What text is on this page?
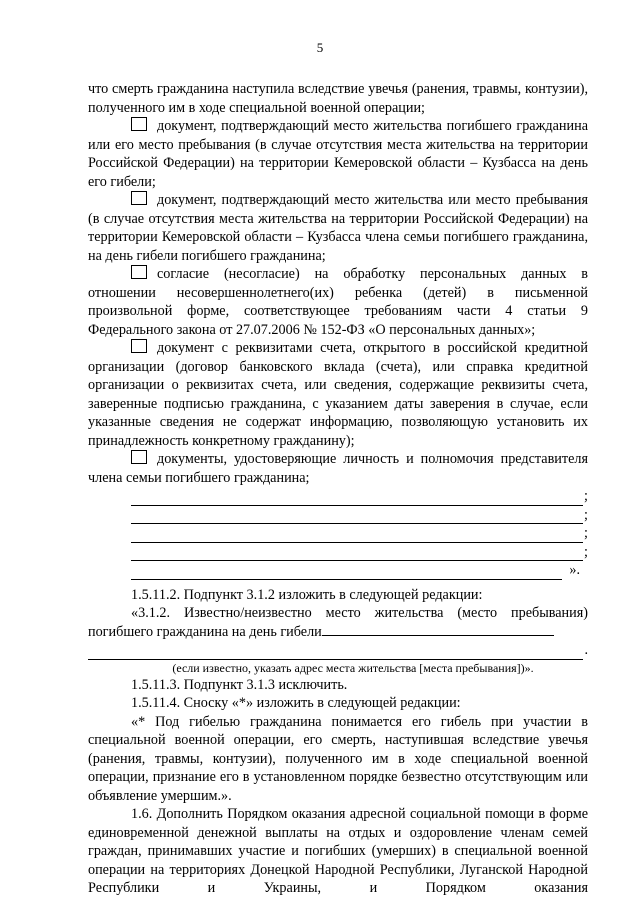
5

что смерть гражданина наступила вследствие увечья (ранения, травмы, контузии), полученного им в ходе специальной военной операции;

документ, подтверждающий место жительства погибшего гражданина или его место пребывания (в случае отсутствия места жительства на территории Российской Федерации) на территории Кемеровской области – Кузбасса на день его гибели;

документ, подтверждающий место жительства или место пребывания (в случае отсутствия места жительства на территории Российской Федерации) на территории Кемеровской области – Кузбасса члена семьи погибшего гражданина, на день гибели погибшего гражданина;

согласие (несогласие) на обработку персональных данных в отношении несовершеннолетнего(их) ребенка (детей) в письменной произвольной форме, соответствующее требованиям части 4 статьи 9 Федерального закона от 27.07.2006 № 152-ФЗ «О персональных данных»;

документ с реквизитами счета, открытого в российской кредитной организации (договор банковского вклада (счета), или справка кредитной организации о реквизитах счета, или сведения, содержащие реквизиты счета, заверенные подписью гражданина, с указанием даты заверения в случае, если указанные сведения не содержат информацию, позволяющую установить их принадлежность конкретному гражданину);

документы, удостоверяющие личность и полномочия представителя члена семьи погибшего гражданина;

;
;
;
;
».

1.5.11.2. Подпункт 3.1.2 изложить в следующей редакции:

«3.1.2. Известно/неизвестно место жительства (место пребывания) погибшего гражданина на день гибели

.

(если известно, указать адрес места жительства [места пребывания])».

1.5.11.3. Подпункт 3.1.3 исключить.

1.5.11.4. Сноску «*» изложить в следующей редакции:

«* Под гибелью гражданина понимается его гибель при участии в специальной военной операции, его смерть, наступившая вследствие увечья (ранения, травмы, контузии), полученного им в ходе специальной военной операции, признание его в установленном порядке безвестно отсутствующим или объявление умершим.».

1.6. Дополнить Порядком оказания адресной социальной помощи в форме единовременной денежной выплаты на отдых и оздоровление членам семей граждан, принимавших участие и погибших (умерших) в специальной военной операции на территориях Донецкой Народной Республики, Луганской Народной Республики и Украины, и Порядком оказания
